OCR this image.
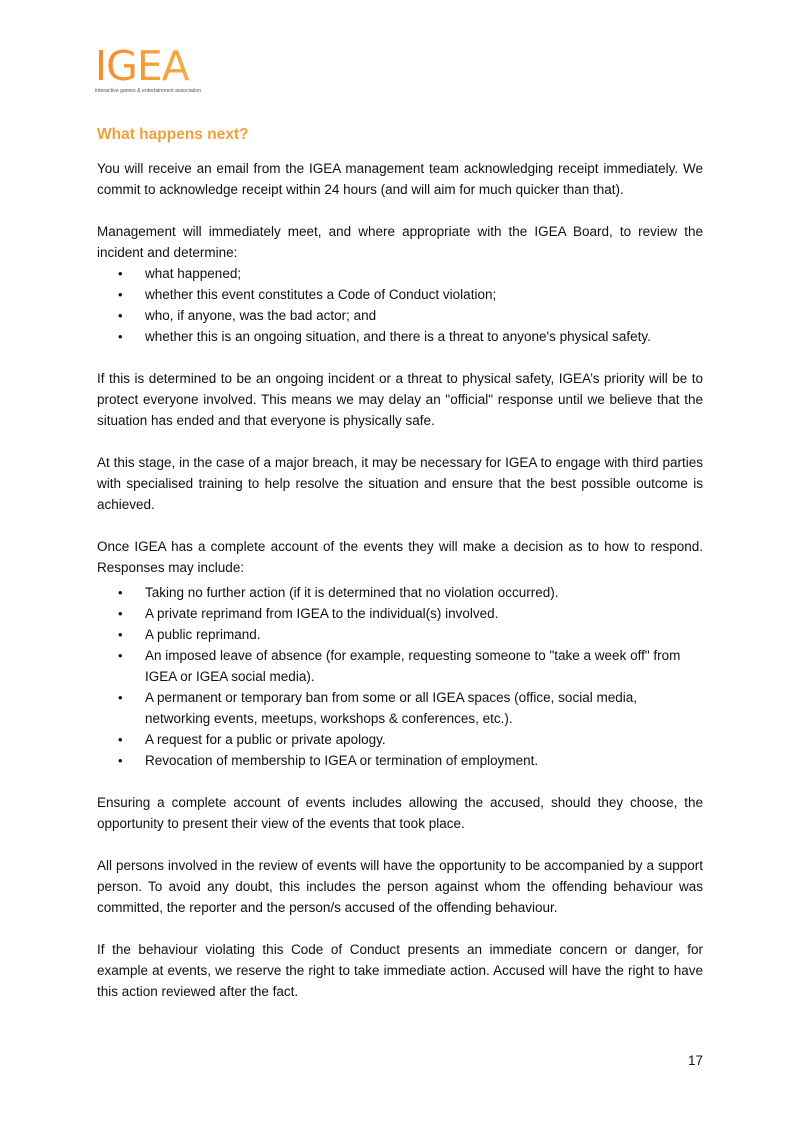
IGEA
interactive games & entertainment association
What happens next?

You will receive an email from the IGEA management team acknowledging receipt immediately. We commit to acknowledge receipt within 24 hours (and will aim for much quicker than that).

Management will immediately meet, and where appropriate with the IGEA Board, to review the incident and determine:

• what happened;
• whether this event constitutes a Code of Conduct violation;
• who, if anyone, was the bad actor; and
• whether this is an ongoing situation, and there is a threat to anyone's physical safety.

If this is determined to be an ongoing incident or a threat to physical safety, IGEA’s priority will be to protect everyone involved. This means we may delay an "official" response until we believe that the situation has ended and that everyone is physically safe.

At this stage, in the case of a major breach, it may be necessary for IGEA to engage with third parties with specialised training to help resolve the situation and ensure that the best possible outcome is achieved.

Once IGEA has a complete account of the events they will make a decision as to how to respond. Responses may include:

• Taking no further action (if it is determined that no violation occurred).
• A private reprimand from IGEA to the individual(s) involved.
• A public reprimand.
• An imposed leave of absence (for example, requesting someone to "take a week off" from IGEA or IGEA social media).
• A permanent or temporary ban from some or all IGEA spaces (office, social media, networking events, meetups, workshops & conferences, etc.).
• A request for a public or private apology.
• Revocation of membership to IGEA or termination of employment.

Ensuring a complete account of events includes allowing the accused, should they choose, the opportunity to present their view of the events that took place.

All persons involved in the review of events will have the opportunity to be accompanied by a support person. To avoid any doubt, this includes the person against whom the offending behaviour was committed, the reporter and the person/s accused of the offending behaviour.

If the behaviour violating this Code of Conduct presents an immediate concern or danger, for example at events, we reserve the right to take immediate action. Accused will have the right to have this action reviewed after the fact.

17
